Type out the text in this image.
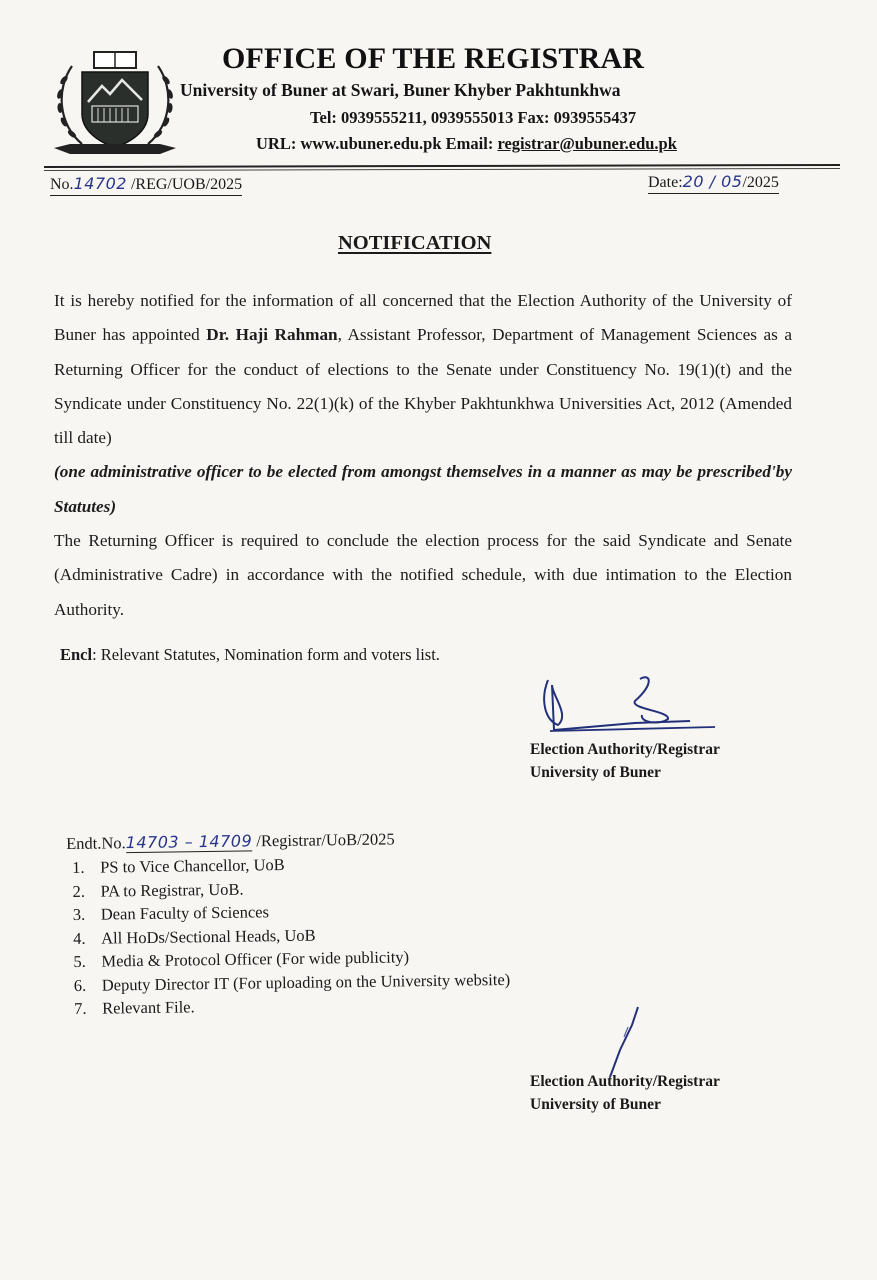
OFFICE OF THE REGISTRAR
University of Buner at Swari, Buner Khyber Pakhtunkhwa
Tel: 0939555211, 0939555013 Fax: 0939555437
URL: www.ubuner.edu.pk Email: registrar@ubuner.edu.pk
No.14702 /REG/UOB/2025	Date:20 / 05/2025
NOTIFICATION

It is hereby notified for the information of all concerned that the Election Authority of the University of Buner has appointed Dr. Haji Rahman, Assistant Professor, Department of Management Sciences as a Returning Officer for the conduct of elections to the Senate under Constituency No. 19(1)(t) and the Syndicate under Constituency No. 22(1)(k) of the Khyber Pakhtunkhwa Universities Act, 2012 (Amended till date)

(one administrative officer to be elected from amongst themselves in a manner as may be prescribed'by Statutes)

The Returning Officer is required to conclude the election process for the said Syndicate and Senate (Administrative Cadre) in accordance with the notified schedule, with due intimation to the Election Authority.

Encl: Relevant Statutes, Nomination form and voters list.
Election Authority/Registrar
University of Buner
Endt.No.14703 – 14709 /Registrar/UoB/2025
1. PS to Vice Chancellor, UoB
2. PA to Registrar, UoB.
3. Dean Faculty of Sciences
4. All HoDs/Sectional Heads, UoB
5. Media & Protocol Officer (For wide publicity)
6. Deputy Director IT (For uploading on the University website)
7. Relevant File.
Election Authority/Registrar
University of Buner
